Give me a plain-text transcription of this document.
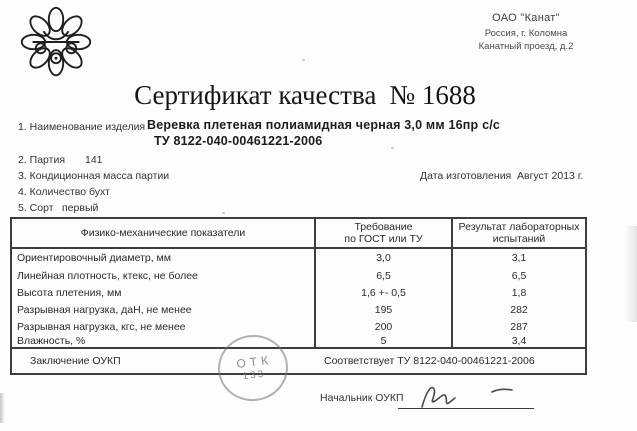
ОАО "Канат"
Россия, г. Коломна
Канатный проезд, д.2
Сертификат качества № 1688
1. Наименование изделия Веревка плетеная полиамидная черная 3,0 мм 16пр с/с
ТУ 8122-040-00461221-2006
2. Партия 141
3. Кондиционная масса партии
4. Количество бухт
5. Сорт первый
Дата изготовления Август 2013 г.
Физико-механические показатели
Требование
по ГОСТ или ТУ
Результат лабораторных
испытаний
Ориентировочный диаметр, мм	3,0	3,1
Линейная плотность, ктекс, не более	6,5	6,5
Высота плетения, мм	1,6 +- 0,5	1,8
Разрывная нагрузка, даН, не менее	195	282
Разрывная нагрузка, кгс, не менее	200	287
Влажность, %	5	3,4
Заключение ОУКП	Соответствует ТУ 8122-040-00461221-2006
ОТК
133
Начальник ОУКП
